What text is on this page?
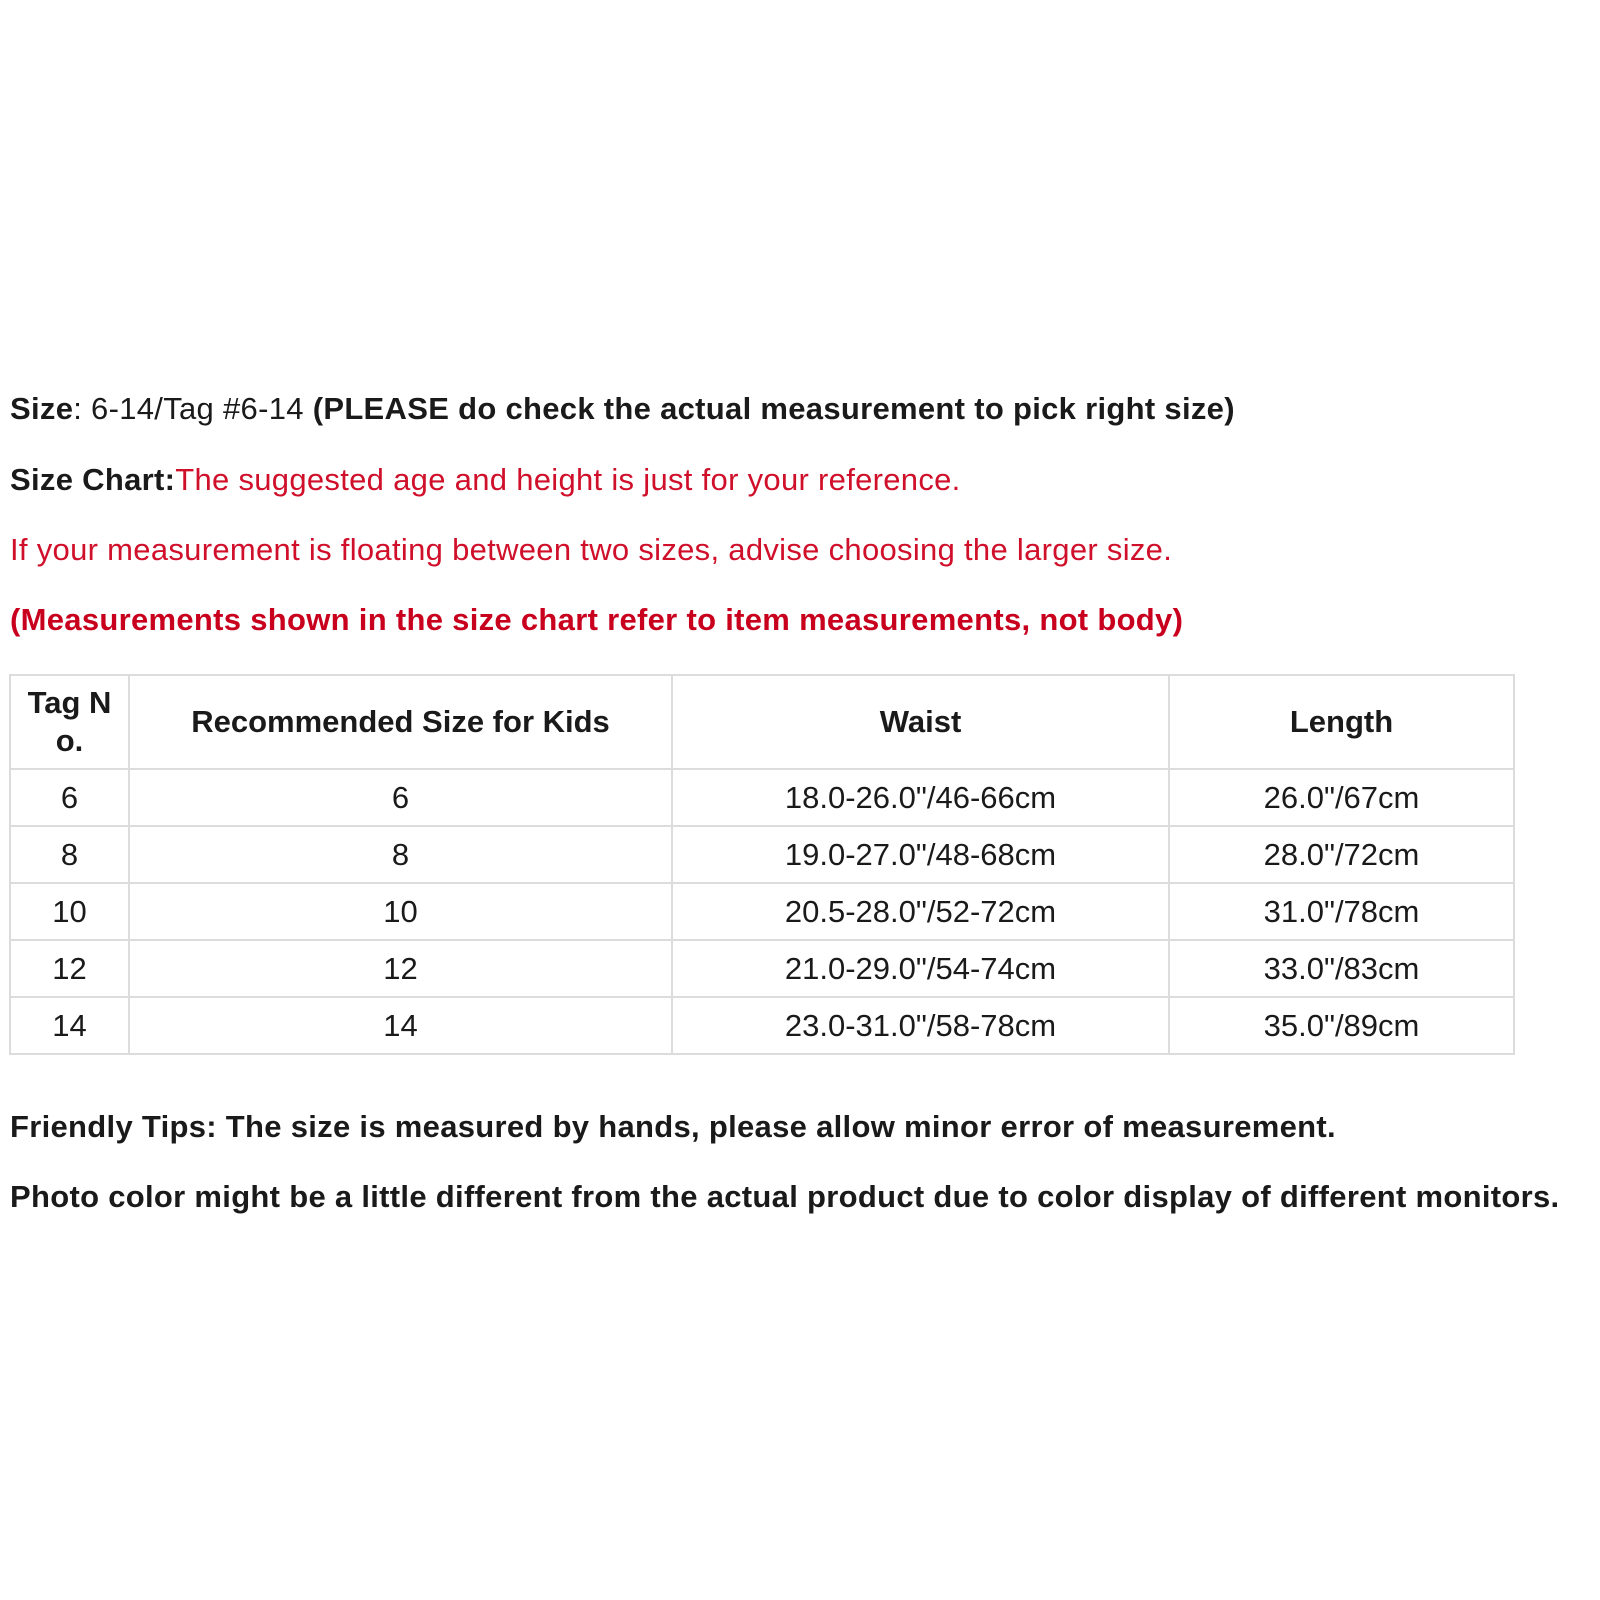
Size: 6-14/Tag #6-14 (PLEASE do check the actual measurement to pick right size)
Size Chart:The suggested age and height is just for your reference.
If your measurement is floating between two sizes, advise choosing the larger size.
(Measurements shown in the size chart refer to item measurements, not body)
Tag No.	Recommended Size for Kids	Waist	Length
6	6	18.0-26.0"/46-66cm	26.0"/67cm
8	8	19.0-27.0"/48-68cm	28.0"/72cm
10	10	20.5-28.0"/52-72cm	31.0"/78cm
12	12	21.0-29.0"/54-74cm	33.0"/83cm
14	14	23.0-31.0"/58-78cm	35.0"/89cm
Friendly Tips: The size is measured by hands, please allow minor error of measurement.
Photo color might be a little different from the actual product due to color display of different monitors.
